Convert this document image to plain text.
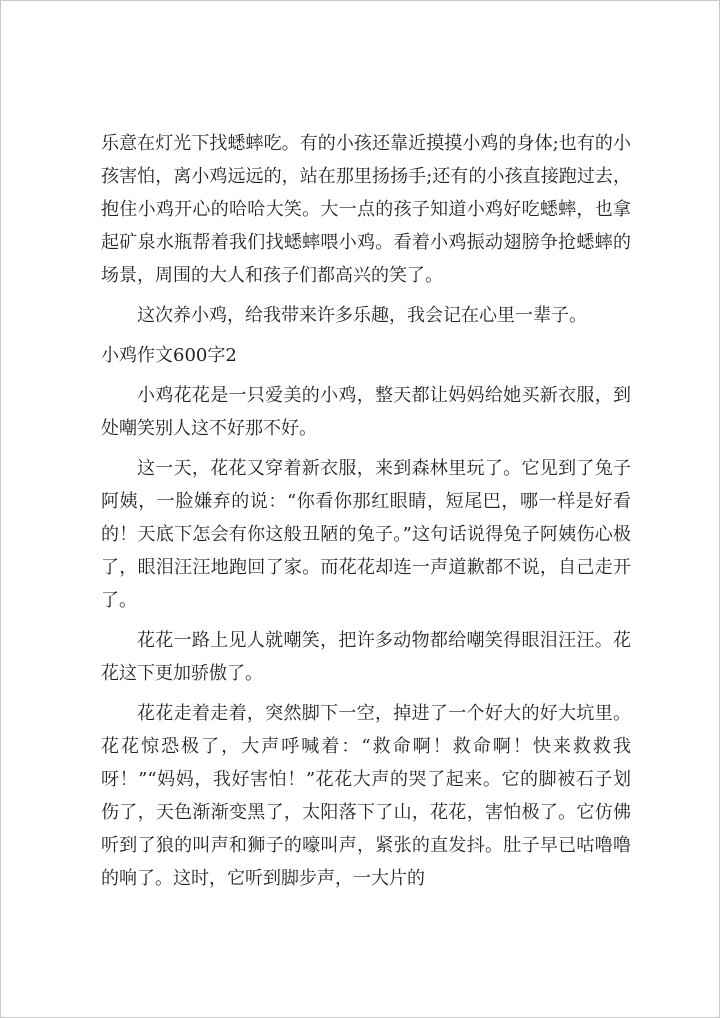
乐意在灯光下找蟋蟀吃。有的小孩还靠近摸摸小鸡的身体;也有的小孩害怕，离小鸡远远的，站在那里扬扬手;还有的小孩直接跑过去，抱住小鸡开心的哈哈大笑。大一点的孩子知道小鸡好吃蟋蟀，也拿起矿泉水瓶帮着我们找蟋蟀喂小鸡。看着小鸡振动翅膀争抢蟋蟀的场景，周围的大人和孩子们都高兴的笑了。

这次养小鸡，给我带来许多乐趣，我会记在心里一辈子。

小鸡作文600字2

小鸡花花是一只爱美的小鸡，整天都让妈妈给她买新衣服，到处嘲笑别人这不好那不好。

这一天，花花又穿着新衣服，来到森林里玩了。它见到了兔子阿姨，一脸嫌弃的说：“你看你那红眼睛，短尾巴，哪一样是好看的！天底下怎会有你这般丑陋的兔子。”这句话说得兔子阿姨伤心极了，眼泪汪汪地跑回了家。而花花却连一声道歉都不说，自己走开了。

花花一路上见人就嘲笑，把许多动物都给嘲笑得眼泪汪汪。花花这下更加骄傲了。

花花走着走着，突然脚下一空，掉进了一个好大的好大坑里。花花惊恐极了，大声呼喊着：“救命啊！救命啊！快来救救我呀！”“妈妈，我好害怕！”花花大声的哭了起来。它的脚被石子划伤了，天色渐渐变黑了，太阳落下了山，花花，害怕极了。它仿佛听到了狼的叫声和狮子的嚎叫声，紧张的直发抖。肚子早已咕噜噜的响了。这时，它听到脚步声，一大片的
